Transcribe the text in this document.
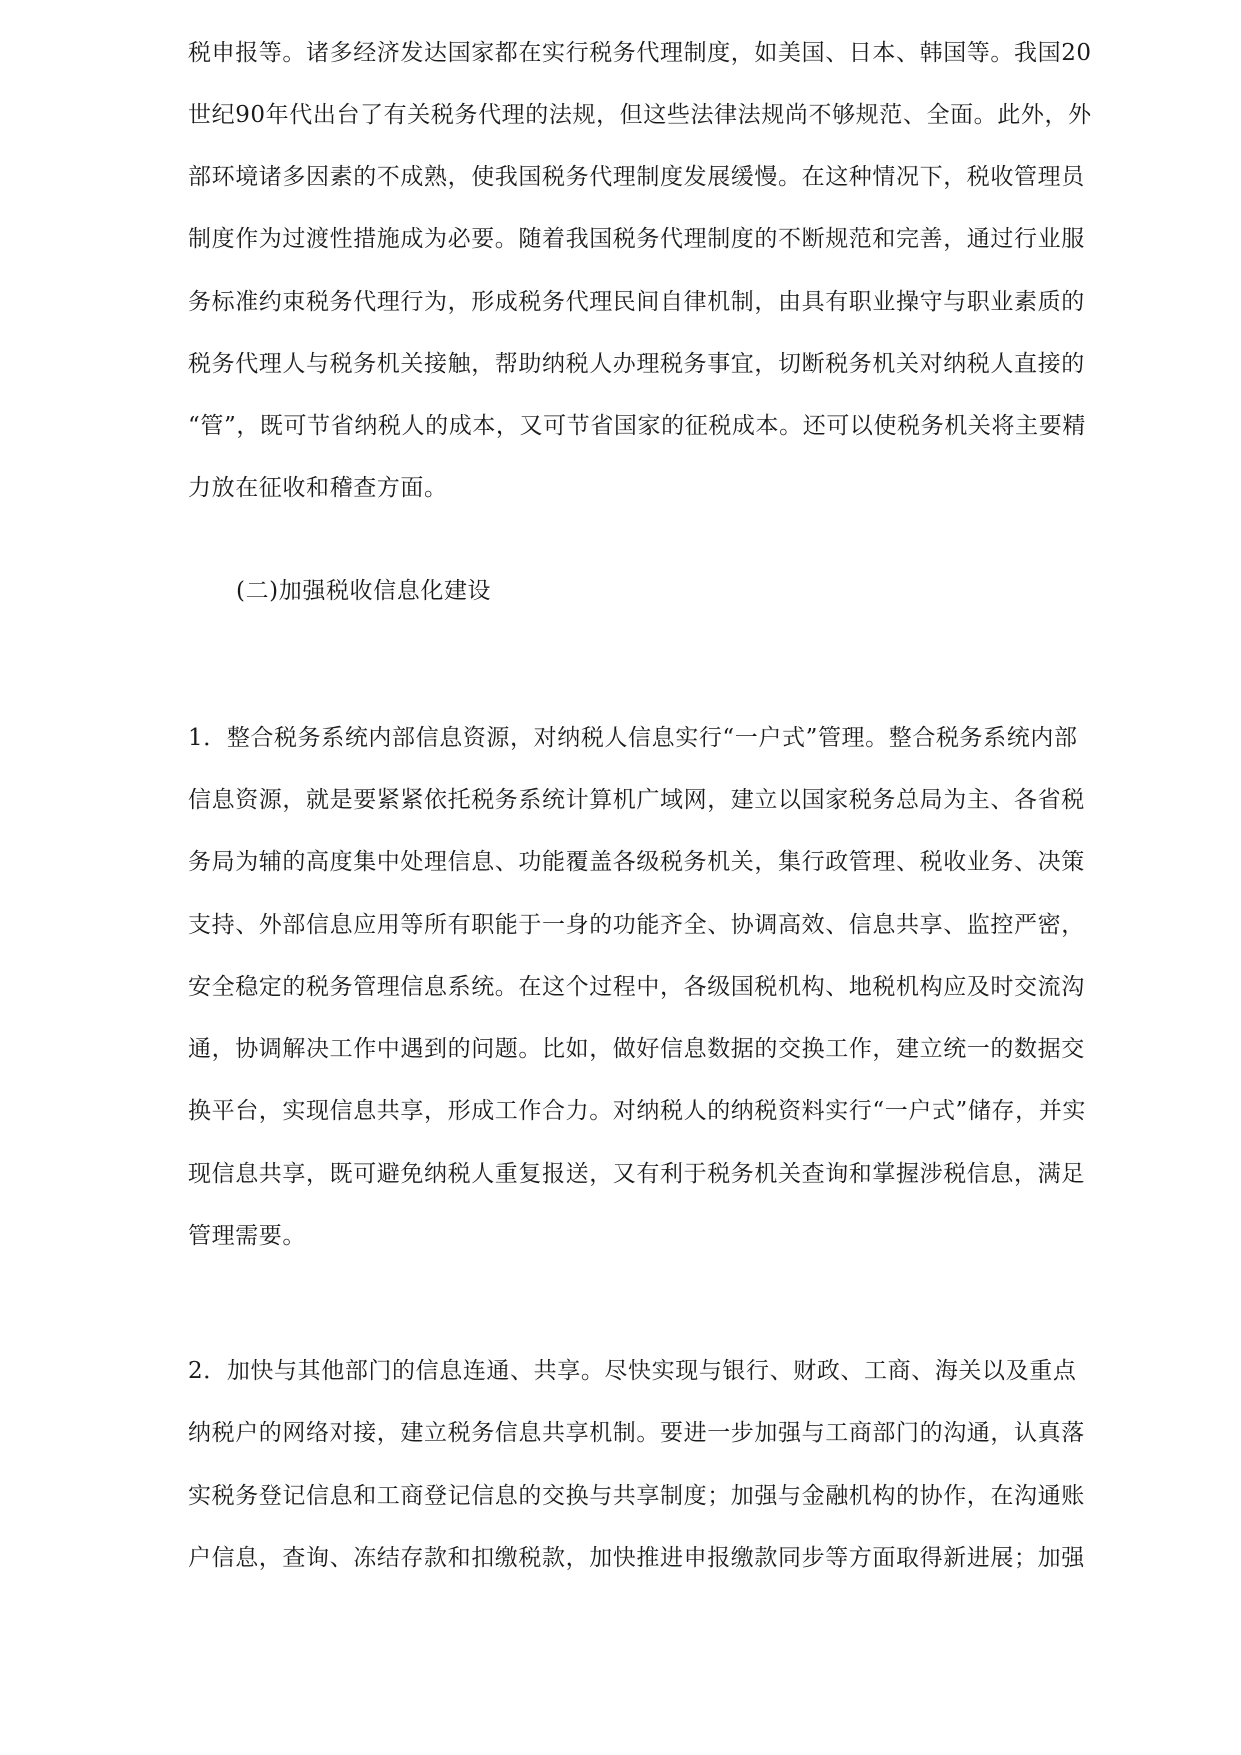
税申报等。诸多经济发达国家都在实行税务代理制度，如美国、日本、韩国等。我国20
世纪90年代出台了有关税务代理的法规，但这些法律法规尚不够规范、全面。此外，外
部环境诸多因素的不成熟，使我国税务代理制度发展缓慢。在这种情况下，税收管理员
制度作为过渡性措施成为必要。随着我国税务代理制度的不断规范和完善，通过行业服
务标准约束税务代理行为，形成税务代理民间自律机制，由具有职业操守与职业素质的
税务代理人与税务机关接触，帮助纳税人办理税务事宜，切断税务机关对纳税人直接的
“管”，既可节省纳税人的成本，又可节省国家的征税成本。还可以使税务机关将主要精
力放在征收和稽查方面。
(二)加强税收信息化建设
1．整合税务系统内部信息资源，对纳税人信息实行“一户式”管理。整合税务系统内部
信息资源，就是要紧紧依托税务系统计算机广域网，建立以国家税务总局为主、各省税
务局为辅的高度集中处理信息、功能覆盖各级税务机关，集行政管理、税收业务、决策
支持、外部信息应用等所有职能于一身的功能齐全、协调高效、信息共享、监控严密，
安全稳定的税务管理信息系统。在这个过程中，各级国税机构、地税机构应及时交流沟
通，协调解决工作中遇到的问题。比如，做好信息数据的交换工作，建立统一的数据交
换平台，实现信息共享，形成工作合力。对纳税人的纳税资料实行“一户式”储存，并实
现信息共享，既可避免纳税人重复报送，又有利于税务机关查询和掌握涉税信息，满足
管理需要。
2．加快与其他部门的信息连通、共享。尽快实现与银行、财政、工商、海关以及重点
纳税户的网络对接，建立税务信息共享机制。要进一步加强与工商部门的沟通，认真落
实税务登记信息和工商登记信息的交换与共享制度；加强与金融机构的协作，在沟通账
户信息，查询、冻结存款和扣缴税款，加快推进申报缴款同步等方面取得新进展；加强
